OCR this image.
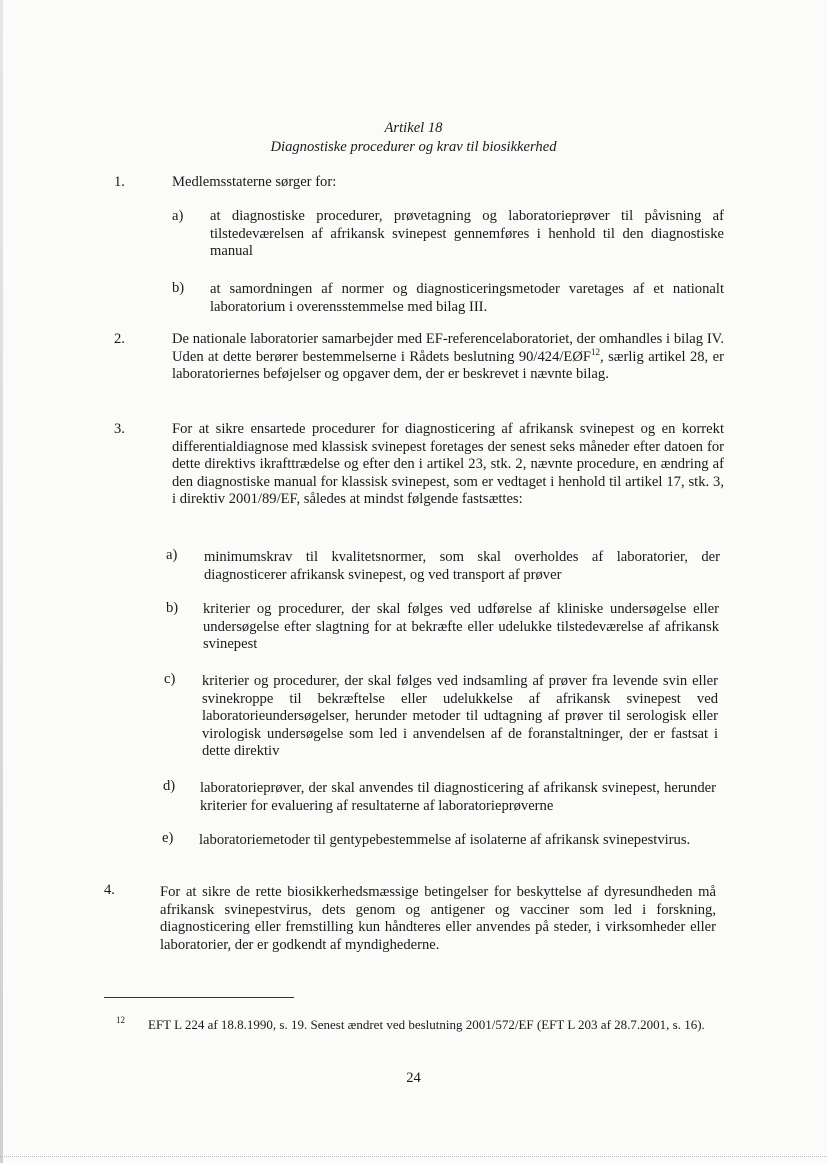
Artikel 18
Diagnostiske procedurer og krav til biosikkerhed
1.	Medlemsstaterne sørger for:
a) at diagnostiske procedurer, prøvetagning og laboratorieprøver til påvisning af tilstedeværelsen af afrikansk svinepest gennemføres i henhold til den diagnostiske manual
b) at samordningen af normer og diagnosticeringsmetoder varetages af et nationalt laboratorium i overensstemmelse med bilag III.
2.	De nationale laboratorier samarbejder med EF-referencelaboratoriet, der omhandles i bilag IV. Uden at dette berører bestemmelserne i Rådets beslutning 90/424/EØF$^{12}$, særlig artikel 28, er laboratoriernes beføjelser og opgaver dem, der er beskrevet i nævnte bilag.
3.	For at sikre ensartede procedurer for diagnosticering af afrikansk svinepest og en korrekt differentialdiagnose med klassisk svinepest foretages der senest seks måneder efter datoen for dette direktivs ikrafttrædelse og efter den i artikel 23, stk. 2, nævnte procedure, en ændring af den diagnostiske manual for klassisk svinepest, som er vedtaget i henhold til artikel 17, stk. 3, i direktiv 2001/89/EF, således at mindst følgende fastsættes:
a) minimumskrav til kvalitetsnormer, som skal overholdes af laboratorier, der diagnosticerer afrikansk svinepest, og ved transport af prøver
b) kriterier og procedurer, der skal følges ved udførelse af kliniske undersøgelse eller undersøgelse efter slagtning for at bekræfte eller udelukke tilstedeværelse af afrikansk svinepest
c) kriterier og procedurer, der skal følges ved indsamling af prøver fra levende svin eller svinekroppe til bekræftelse eller udelukkelse af afrikansk svinepest ved laboratorieundersøgelser, herunder metoder til udtagning af prøver til serologisk eller virologisk undersøgelse som led i anvendelsen af de foranstaltninger, der er fastsat i dette direktiv
d) laboratorieprøver, der skal anvendes til diagnosticering af afrikansk svinepest, herunder kriterier for evaluering af resultaterne af laboratorieprøverne
e) laboratoriemetoder til gentypebestemmelse af isolaterne af afrikansk svinepestvirus.
4.	For at sikre de rette biosikkerhedsmæssige betingelser for beskyttelse af dyresundheden må afrikansk svinepestvirus, dets genom og antigener og vacciner som led i forskning, diagnosticering eller fremstilling kun håndteres eller anvendes på steder, i virksomheder eller laboratorier, der er godkendt af myndighederne.
12 EFT L 224 af 18.8.1990, s. 19. Senest ændret ved beslutning 2001/572/EF (EFT L 203 af 28.7.2001, s. 16).
24
